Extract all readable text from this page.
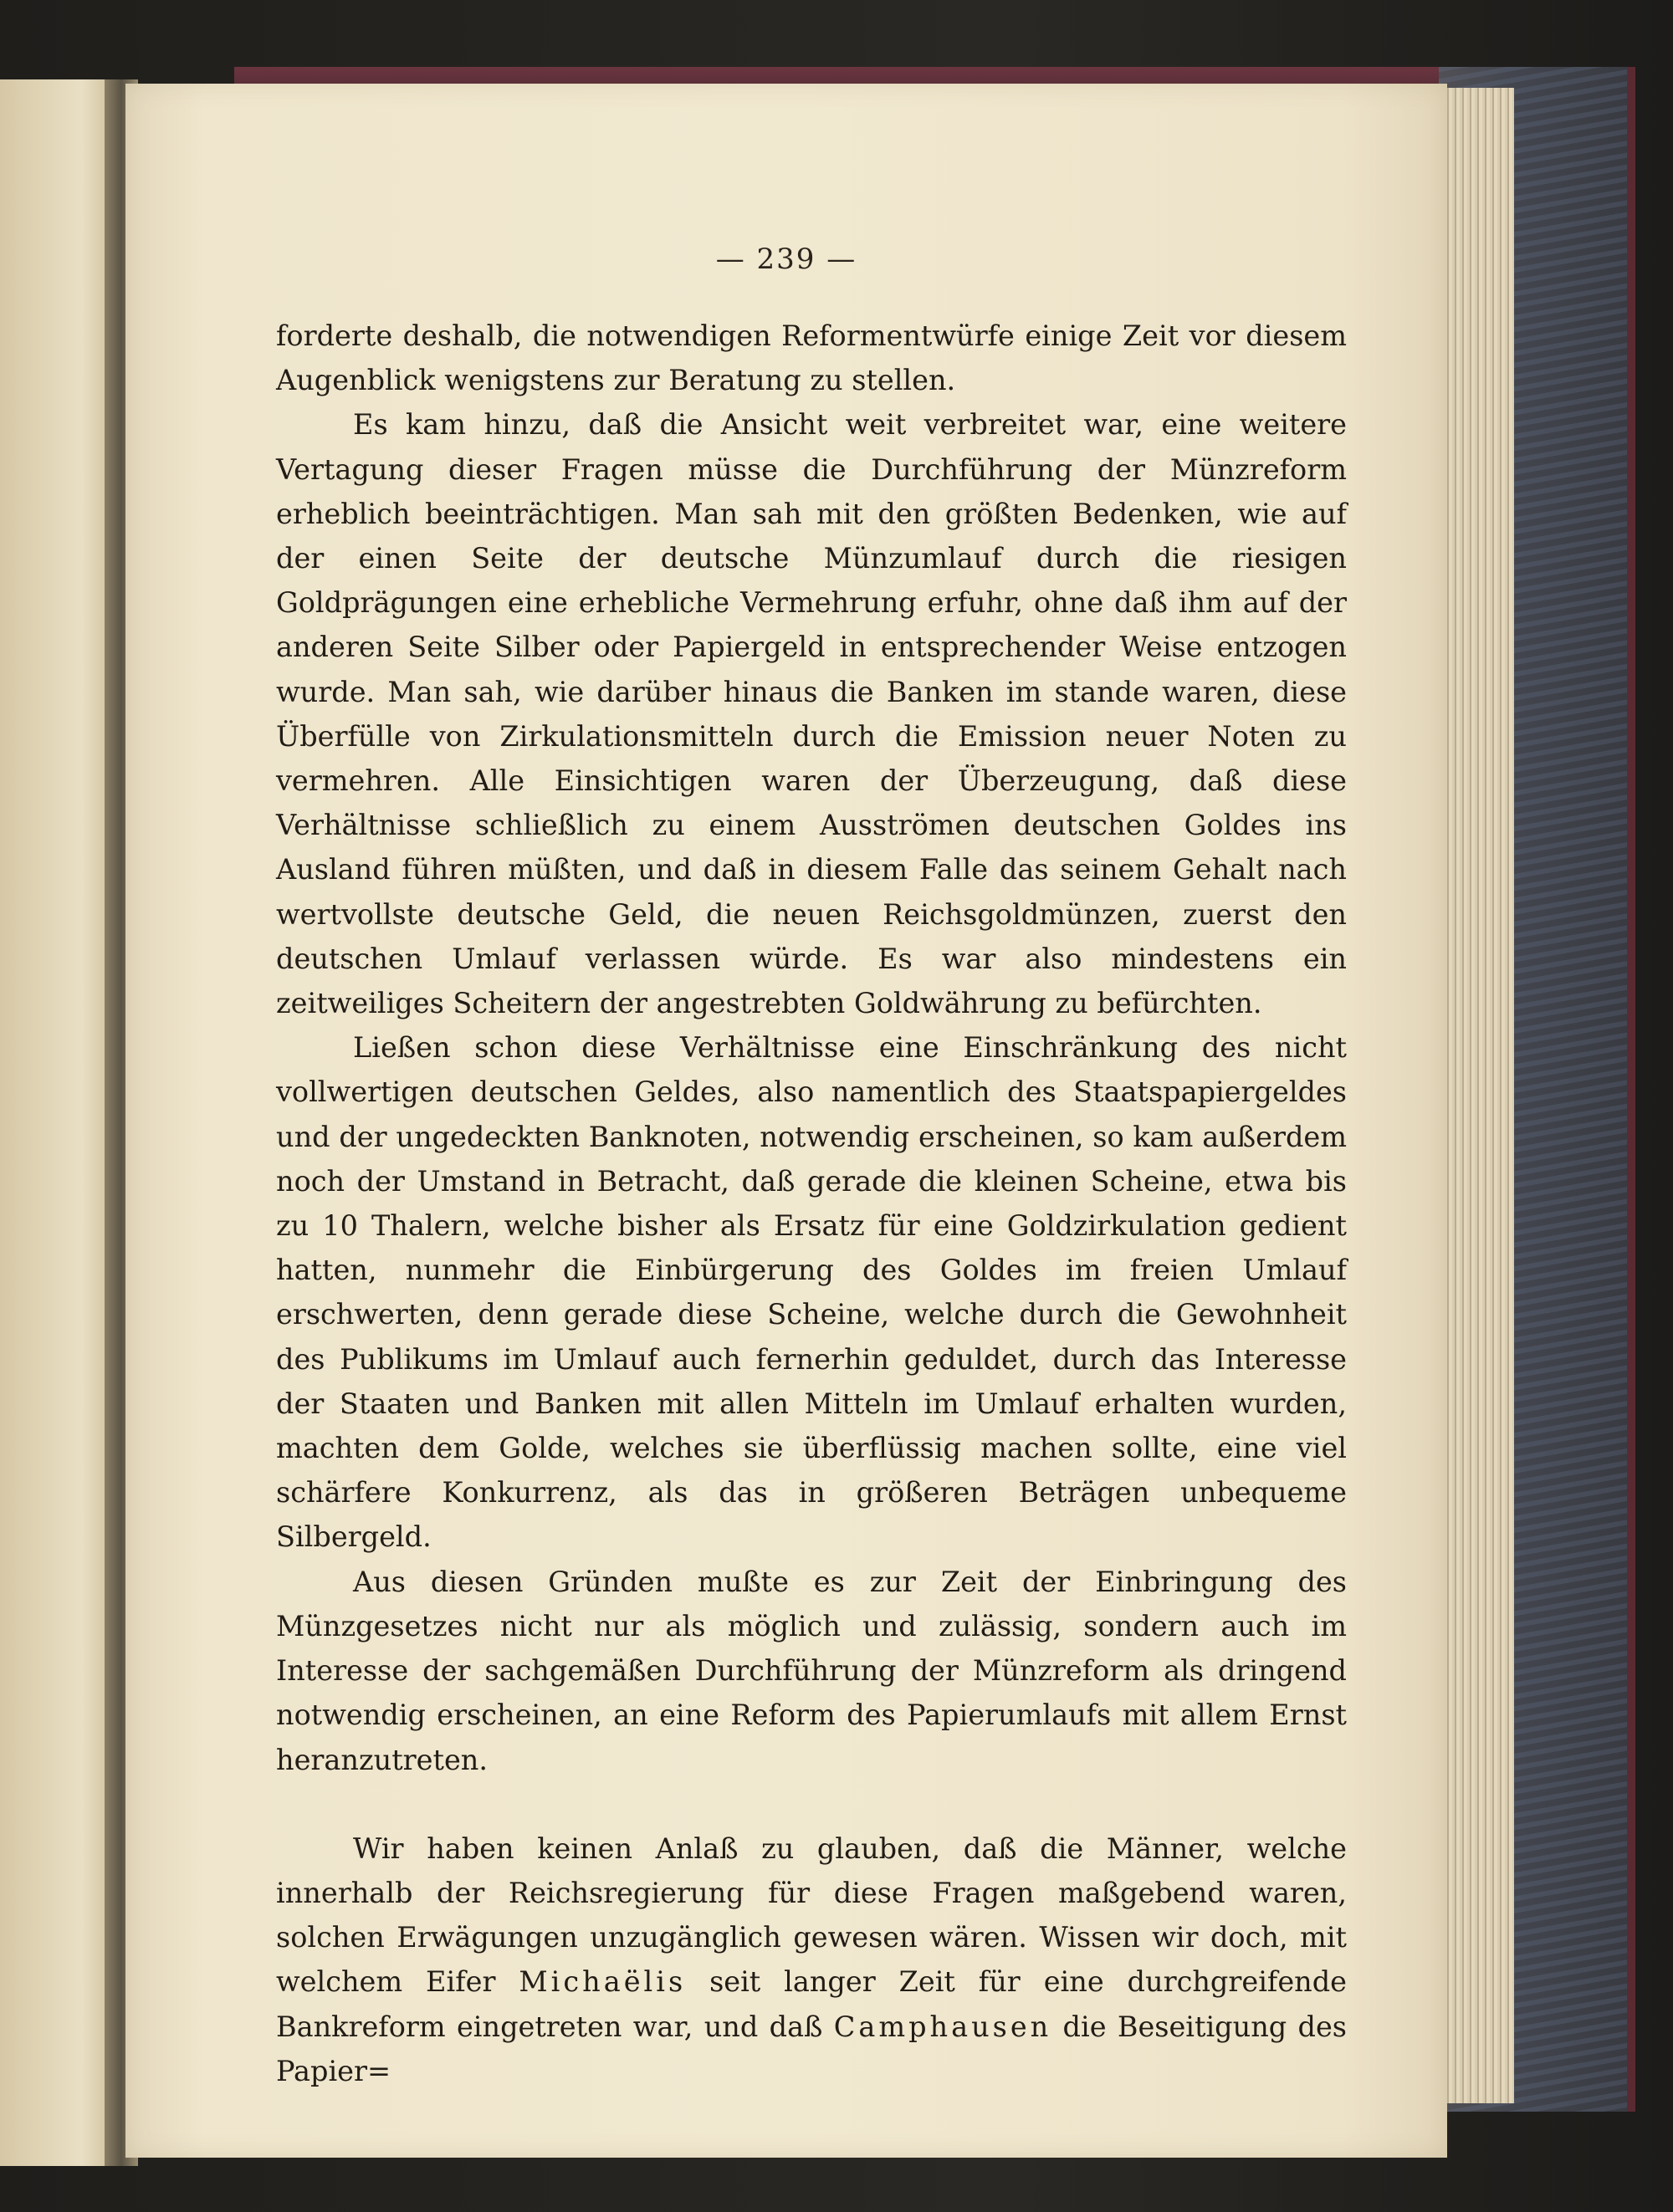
— 239 —

forderte deshalb, die notwendigen Reformentwürfe einige Zeit vor diesem Augenblick wenigstens zur Beratung zu stellen.

Es kam hinzu, daß die Ansicht weit verbreitet war, eine weitere Vertagung dieser Fragen müsse die Durchführung der Münzreform erheblich beeinträchtigen. Man sah mit den größten Bedenken, wie auf der einen Seite der deutsche Münzumlauf durch die riesigen Goldprägungen eine erhebliche Vermehrung erfuhr, ohne daß ihm auf der anderen Seite Silber oder Papiergeld in entsprechender Weise entzogen wurde. Man sah, wie darüber hinaus die Banken im stande waren, diese Überfülle von Zirkulationsmitteln durch die Emission neuer Noten zu vermehren. Alle Einsichtigen waren der Überzeugung, daß diese Verhältnisse schließlich zu einem Ausströmen deutschen Goldes ins Ausland führen müßten, und daß in diesem Falle das seinem Gehalt nach wertvollste deutsche Geld, die neuen Reichsgoldmünzen, zuerst den deutschen Umlauf verlassen würde. Es war also mindestens ein zeitweiliges Scheitern der angestrebten Goldwährung zu befürchten.

Ließen schon diese Verhältnisse eine Einschränkung des nicht vollwertigen deutschen Geldes, also namentlich des Staatspapiergeldes und der ungedeckten Banknoten, notwendig erscheinen, so kam außerdem noch der Umstand in Betracht, daß gerade die kleinen Scheine, etwa bis zu 10 Thalern, welche bisher als Ersatz für eine Goldzirkulation gedient hatten, nunmehr die Einbürgerung des Goldes im freien Umlauf erschwerten, denn gerade diese Scheine, welche durch die Gewohnheit des Publikums im Umlauf auch fernerhin geduldet, durch das Interesse der Staaten und Banken mit allen Mitteln im Umlauf erhalten wurden, machten dem Golde, welches sie überflüssig machen sollte, eine viel schärfere Konkurrenz, als das in größeren Beträgen unbequeme Silbergeld.

Aus diesen Gründen mußte es zur Zeit der Einbringung des Münzgesetzes nicht nur als möglich und zulässig, sondern auch im Interesse der sachgemäßen Durchführung der Münzreform als dringend notwendig erscheinen, an eine Reform des Papierumlaufs mit allem Ernst heranzutreten.

Wir haben keinen Anlaß zu glauben, daß die Männer, welche innerhalb der Reichsregierung für diese Fragen maßgebend waren, solchen Erwägungen unzugänglich gewesen wären. Wissen wir doch, mit welchem Eifer Michaëlis seit langer Zeit für eine durchgreifende Bankreform eingetreten war, und daß Camphausen die Beseitigung des Papier=
